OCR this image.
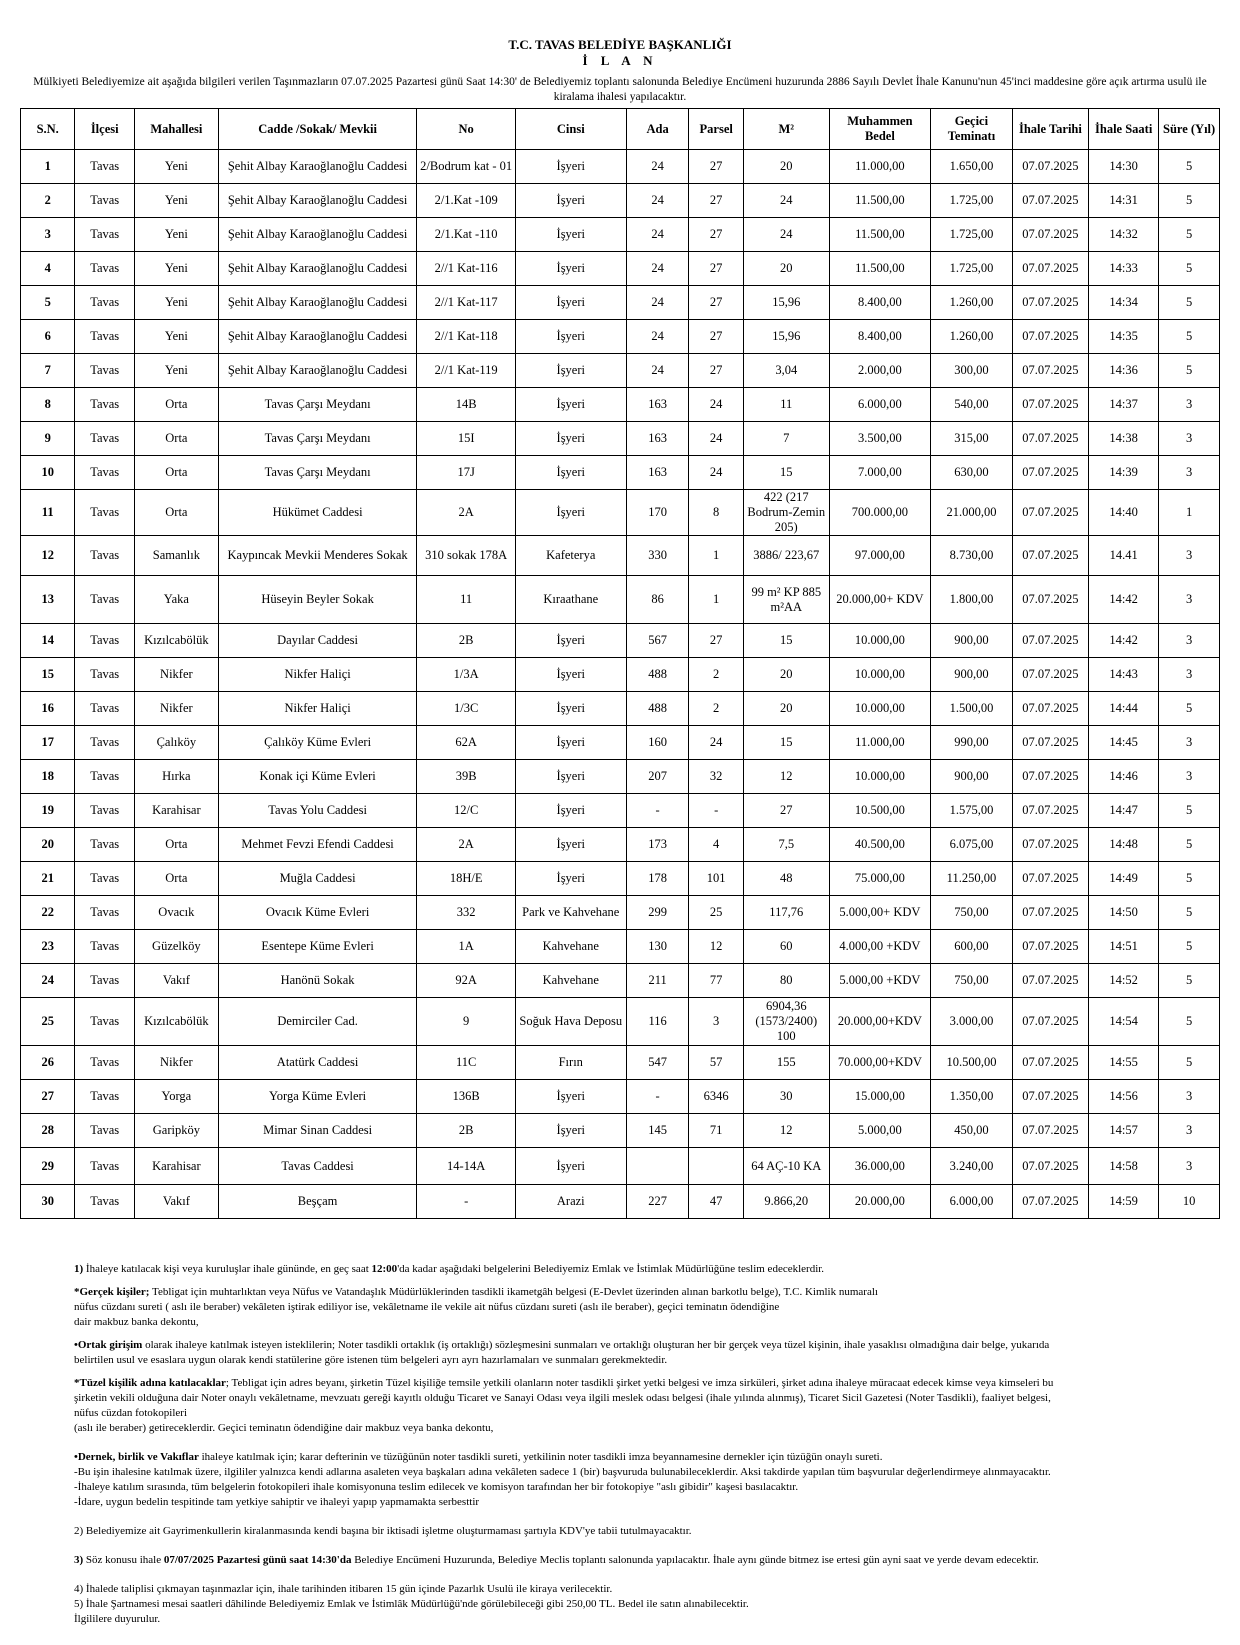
T.C. TAVAS BELEDİYE BAŞKANLIĞI
İ L A N
Mülkiyeti Belediyemize ait aşağıda bilgileri verilen Taşınmazların 07.07.2025 Pazartesi günü Saat 14:30' de Belediyemiz toplantı salonunda Belediye Encümeni huzurunda 2886 Sayılı Devlet İhale Kanunu'nun 45'inci maddesine göre açık artırma usulü ile kiralama ihalesi yapılacaktır.
S.N.	İlçesi	Mahallesi	Cadde /Sokak/ Mevkii	No	Cinsi	Ada	Parsel	M²	Muhammen Bedel	Geçici Teminatı	İhale Tarihi	İhale Saati	Süre (Yıl)
1	Tavas	Yeni	Şehit Albay Karaoğlanoğlu Caddesi	2/Bodrum kat - 01	İşyeri	24	27	20	11.000,00	1.650,00	07.07.2025	14:30	5
2	Tavas	Yeni	Şehit Albay Karaoğlanoğlu Caddesi	2/1.Kat -109	İşyeri	24	27	24	11.500,00	1.725,00	07.07.2025	14:31	5
3	Tavas	Yeni	Şehit Albay Karaoğlanoğlu Caddesi	2/1.Kat -110	İşyeri	24	27	24	11.500,00	1.725,00	07.07.2025	14:32	5
4	Tavas	Yeni	Şehit Albay Karaoğlanoğlu Caddesi	2//1 Kat-116	İşyeri	24	27	20	11.500,00	1.725,00	07.07.2025	14:33	5
5	Tavas	Yeni	Şehit Albay Karaoğlanoğlu Caddesi	2//1 Kat-117	İşyeri	24	27	15,96	8.400,00	1.260,00	07.07.2025	14:34	5
6	Tavas	Yeni	Şehit Albay Karaoğlanoğlu Caddesi	2//1 Kat-118	İşyeri	24	27	15,96	8.400,00	1.260,00	07.07.2025	14:35	5
7	Tavas	Yeni	Şehit Albay Karaoğlanoğlu Caddesi	2//1 Kat-119	İşyeri	24	27	3,04	2.000,00	300,00	07.07.2025	14:36	5
8	Tavas	Orta	Tavas Çarşı Meydanı	14B	İşyeri	163	24	11	6.000,00	540,00	07.07.2025	14:37	3
9	Tavas	Orta	Tavas Çarşı Meydanı	15I	İşyeri	163	24	7	3.500,00	315,00	07.07.2025	14:38	3
10	Tavas	Orta	Tavas Çarşı Meydanı	17J	İşyeri	163	24	15	7.000,00	630,00	07.07.2025	14:39	3
11	Tavas	Orta	Hükümet Caddesi	2A	İşyeri	170	8	422 (217 Bodrum-Zemin 205)	700.000,00	21.000,00	07.07.2025	14:40	1
12	Tavas	Samanlık	Kaypıncak Mevkii Menderes Sokak	310 sokak 178A	Kafeterya	330	1	3886/ 223,67	97.000,00	8.730,00	07.07.2025	14.41	3
13	Tavas	Yaka	Hüseyin Beyler Sokak	11	Kıraathane	86	1	99 m² KP 885 m²AA	20.000,00+ KDV	1.800,00	07.07.2025	14:42	3
14	Tavas	Kızılcabölük	Dayılar Caddesi	2B	İşyeri	567	27	15	10.000,00	900,00	07.07.2025	14:42	3
15	Tavas	Nikfer	Nikfer Haliçi	1/3A	İşyeri	488	2	20	10.000,00	900,00	07.07.2025	14:43	3
16	Tavas	Nikfer	Nikfer Haliçi	1/3C	İşyeri	488	2	20	10.000,00	1.500,00	07.07.2025	14:44	5
17	Tavas	Çalıköy	Çalıköy Küme Evleri	62A	İşyeri	160	24	15	11.000,00	990,00	07.07.2025	14:45	3
18	Tavas	Hırka	Konak içi Küme Evleri	39B	İşyeri	207	32	12	10.000,00	900,00	07.07.2025	14:46	3
19	Tavas	Karahisar	Tavas Yolu Caddesi	12/C	İşyeri	-	-	27	10.500,00	1.575,00	07.07.2025	14:47	5
20	Tavas	Orta	Mehmet Fevzi Efendi Caddesi	2A	İşyeri	173	4	7,5	40.500,00	6.075,00	07.07.2025	14:48	5
21	Tavas	Orta	Muğla Caddesi	18H/E	İşyeri	178	101	48	75.000,00	11.250,00	07.07.2025	14:49	5
22	Tavas	Ovacık	Ovacık Küme Evleri	332	Park ve Kahvehane	299	25	117,76	5.000,00+ KDV	750,00	07.07.2025	14:50	5
23	Tavas	Güzelköy	Esentepe Küme Evleri	1A	Kahvehane	130	12	60	4.000,00 +KDV	600,00	07.07.2025	14:51	5
24	Tavas	Vakıf	Hanönü Sokak	92A	Kahvehane	211	77	80	5.000,00 +KDV	750,00	07.07.2025	14:52	5
25	Tavas	Kızılcabölük	Demirciler Cad.	9	Soğuk Hava Deposu	116	3	6904,36 (1573/2400) 100	20.000,00+KDV	3.000,00	07.07.2025	14:54	5
26	Tavas	Nikfer	Atatürk Caddesi	11C	Fırın	547	57	155	70.000,00+KDV	10.500,00	07.07.2025	14:55	5
27	Tavas	Yorga	Yorga Küme Evleri	136B	İşyeri	-	6346	30	15.000,00	1.350,00	07.07.2025	14:56	3
28	Tavas	Garipköy	Mimar Sinan Caddesi	2B	İşyeri	145	71	12	5.000,00	450,00	07.07.2025	14:57	3
29	Tavas	Karahisar	Tavas Caddesi	14-14A	İşyeri			64 AÇ-10 KA	36.000,00	3.240,00	07.07.2025	14:58	3
30	Tavas	Vakıf	Beşçam	-	Arazi	227	47	9.866,20	20.000,00	6.000,00	07.07.2025	14:59	10

1) İhaleye katılacak kişi veya kuruluşlar ihale gününde, en geç saat 12:00'da kadar aşağıdaki belgelerini Belediyemiz Emlak ve İstimlak Müdürlüğüne teslim edeceklerdir.

*Gerçek kişiler; Tebligat için muhtarlıktan veya Nüfus ve Vatandaşlık Müdürlüklerinden tasdikli ikametgâh belgesi (E-Devlet üzerinden alınan barkotlu belge), T.C. Kimlik numaralı

nüfus cüzdanı sureti ( aslı ile beraber) vekâleten iştirak ediliyor ise, vekâletname ile vekile ait nüfus cüzdanı sureti (aslı ile beraber), geçici teminatın ödendiğine

dair makbuz banka dekontu,

•Ortak girişim olarak ihaleye katılmak isteyen isteklilerin; Noter tasdikli ortaklık (iş ortaklığı) sözleşmesini sunmaları ve ortaklığı oluşturan her bir gerçek veya tüzel kişinin, ihale yasaklısı olmadığına dair belge, yukarıda

belirtilen usul ve esaslara uygun olarak kendi statülerine göre istenen tüm belgeleri ayrı ayrı hazırlamaları ve sunmaları gerekmektedir.

*Tüzel kişilik adına katılacaklar; Tebligat için adres beyanı, şirketin Tüzel kişiliğe temsile yetkili olanların noter tasdikli şirket yetki belgesi ve imza sirküleri, şirket adına ihaleye müracaat edecek kimse veya kimseleri bu

şirketin vekili olduğuna dair Noter onaylı vekâletname, mevzuatı gereği kayıtlı olduğu Ticaret ve Sanayi Odası veya ilgili meslek odası belgesi (ihale yılında alınmış), Ticaret Sicil Gazetesi (Noter Tasdikli), faaliyet belgesi,

nüfus cüzdan fotokopileri

(aslı ile beraber) getireceklerdir. Geçici teminatın ödendiğine dair makbuz veya banka dekontu,

•Dernek, birlik ve Vakıflar ihaleye katılmak için; karar defterinin ve tüzüğünün noter tasdikli sureti, yetkilinin noter tasdikli imza beyannamesine dernekler için tüzüğün onaylı sureti.

-Bu işin ihalesine katılmak üzere, ilgililer yalnızca kendi adlarına asaleten veya başkaları adına vekâleten sadece 1 (bir) başvuruda bulunabileceklerdir. Aksi takdirde yapılan tüm başvurular değerlendirmeye alınmayacaktır.

-İhaleye katılım sırasında, tüm belgelerin fotokopileri ihale komisyonuna teslim edilecek ve komisyon tarafından her bir fotokopiye "aslı gibidir" kaşesi basılacaktır.

-İdare, uygun bedelin tespitinde tam yetkiye sahiptir ve ihaleyi yapıp yapmamakta serbesttir

2) Belediyemize ait Gayrimenkullerin kiralanmasında kendi başına bir iktisadi işletme oluşturmaması şartıyla KDV'ye tabii tutulmayacaktır.

3) Söz konusu ihale 07/07/2025 Pazartesi günü saat 14:30'da Belediye Encümeni Huzurunda, Belediye Meclis toplantı salonunda yapılacaktır. İhale aynı günde bitmez ise ertesi gün ayni saat ve yerde devam edecektir.

4) İhalede taliplisi çıkmayan taşınmazlar için, ihale tarihinden itibaren 15 gün içinde Pazarlık Usulü ile kiraya verilecektir.

5) İhale Şartnamesi mesai saatleri dâhilinde Belediyemiz Emlak ve İstimlâk Müdürlüğü'nde görülebileceği gibi 250,00 TL. Bedel ile satın alınabilecektir.

İlgililere duyurulur.
